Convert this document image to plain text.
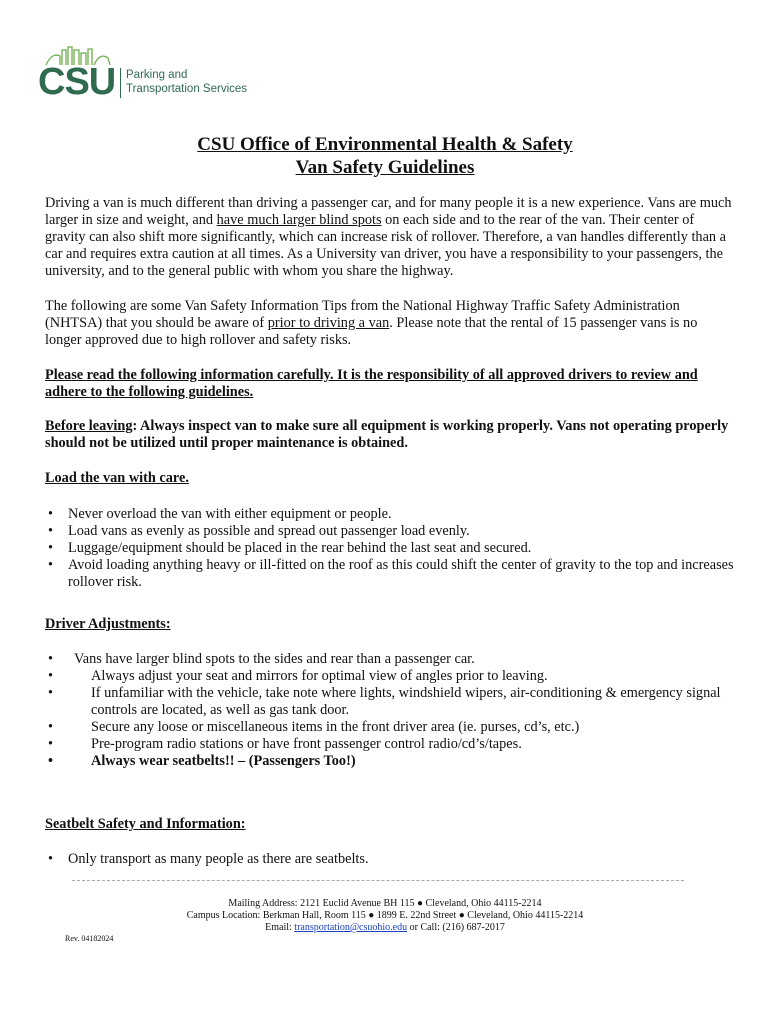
CSU Parking and
Transportation Services
CSU Office of Environmental Health & Safety
Van Safety Guidelines

Driving a van is much different than driving a passenger car, and for many people it is a new experience. Vans are much larger in size and weight, and have much larger blind spots on each side and to the rear of the van. Their center of gravity can also shift more significantly, which can increase risk of rollover. Therefore, a van handles differently than a car and requires extra caution at all times. As a University van driver, you have a responsibility to your passengers, the university, and to the general public with whom you share the highway.

The following are some Van Safety Information Tips from the National Highway Traffic Safety Administration (NHTSA) that you should be aware of prior to driving a van. Please note that the rental of 15 passenger vans is no longer approved due to high rollover and safety risks.

Please read the following information carefully. It is the responsibility of all approved drivers to review and adhere to the following guidelines.

Before leaving: Always inspect van to make sure all equipment is working properly. Vans not operating properly should not be utilized until proper maintenance is obtained.

Load the van with care.

• Never overload the van with either equipment or people.
• Load vans as evenly as possible and spread out passenger load evenly.
• Luggage/equipment should be placed in the rear behind the last seat and secured.
• Avoid loading anything heavy or ill-fitted on the roof as this could shift the center of gravity to the top and increases rollover risk.

Driver Adjustments:

• Vans have larger blind spots to the sides and rear than a passenger car.
• Always adjust your seat and mirrors for optimal view of angles prior to leaving.
• If unfamiliar with the vehicle, take note where lights, windshield wipers, air-conditioning & emergency signal controls are located, as well as gas tank door.
• Secure any loose or miscellaneous items in the front driver area (ie. purses, cd’s, etc.)
• Pre-program radio stations or have front passenger control radio/cd’s/tapes.
• Always wear seatbelts!! – (Passengers Too!)

Seatbelt Safety and Information:

• Only transport as many people as there are seatbelts.
Mailing Address: 2121 Euclid Avenue BH 115 ● Cleveland, Ohio 44115-2214
Campus Location: Berkman Hall, Room 115 ● 1899 E. 22nd Street ● Cleveland, Ohio 44115-2214
Email: transportation@csuohio.edu or Call: (216) 687-2017
Rev. 04182024
